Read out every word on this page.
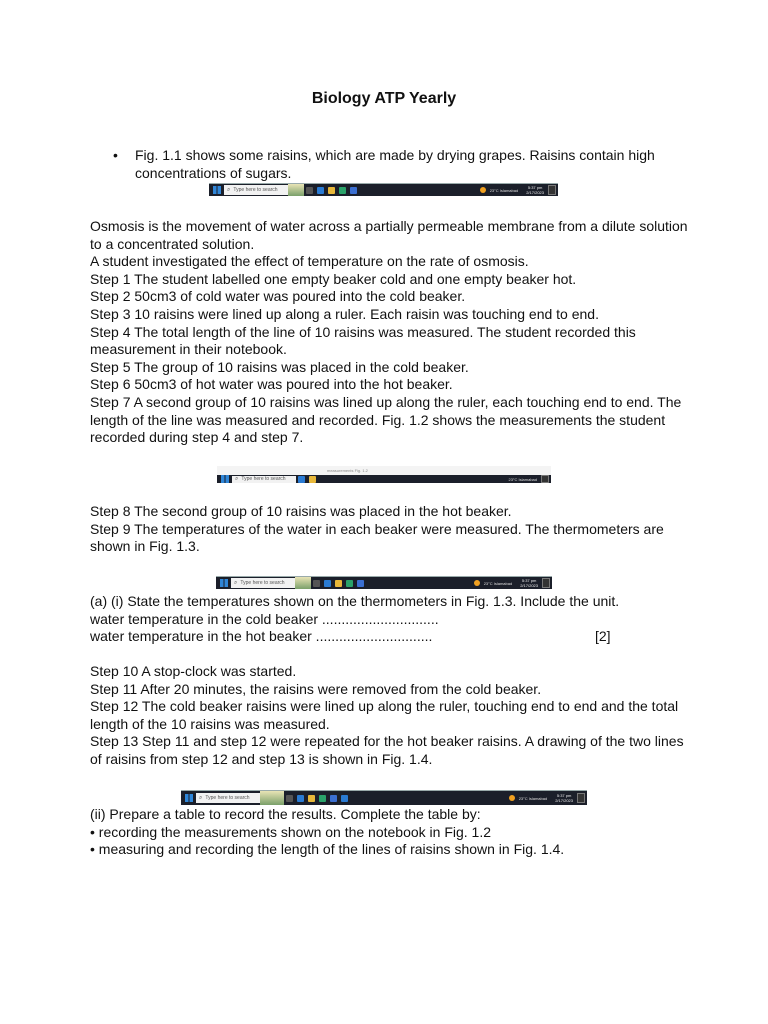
Biology ATP Yearly
• Fig. 1.1 shows some raisins, which are made by drying grapes. Raisins contain high concentrations of sugars.
⌕ Type here to search	23°C Islamabad	5:37 pm
2/17/2023

Osmosis is the movement of water across a partially permeable membrane from a dilute solution to a concentrated solution.

A student investigated the effect of temperature on the rate of osmosis.

Step 1 The student labelled one empty beaker cold and one empty beaker hot.

Step 2 50cm3 of cold water was poured into the cold beaker.

Step 3 10 raisins were lined up along a ruler. Each raisin was touching end to end.

Step 4 The total length of the line of 10 raisins was measured. The student recorded this measurement in their notebook.

Step 5 The group of 10 raisins was placed in the cold beaker.

Step 6 50cm3 of hot water was poured into the hot beaker.

Step 7 A second group of 10 raisins was lined up along the ruler, each touching end to end. The length of the line was measured and recorded. Fig. 1.2 shows the measurements the student recorded during step 4 and step 7.

measurements Fig. 1.2
⌕ Type here to search	23°C Islamabad

Step 8 The second group of 10 raisins was placed in the hot beaker.

Step 9 The temperatures of the water in each beaker were measured. The thermometers are shown in Fig. 1.3.

⌕ Type here to search	23°C Islamabad	5:37 pm
2/17/2023

(a) (i) State the temperatures shown on the thermometers in Fig. 1.3. Include the unit.

water temperature in the cold beaker ..............................

water temperature in the hot beaker ..............................	[2]

Step 10 A stop-clock was started.

Step 11 After 20 minutes, the raisins were removed from the cold beaker.

Step 12 The cold beaker raisins were lined up along the ruler, touching end to end and the total length of the 10 raisins was measured.

Step 13 Step 11 and step 12 were repeated for the hot beaker raisins. A drawing of the two lines of raisins from step 12 and step 13 is shown in Fig. 1.4.

⌕ Type here to search	23°C Islamabad	5:37 pm
2/17/2023

(ii) Prepare a table to record the results. Complete the table by:

• recording the measurements shown on the notebook in Fig. 1.2

• measuring and recording the length of the lines of raisins shown in Fig. 1.4.
